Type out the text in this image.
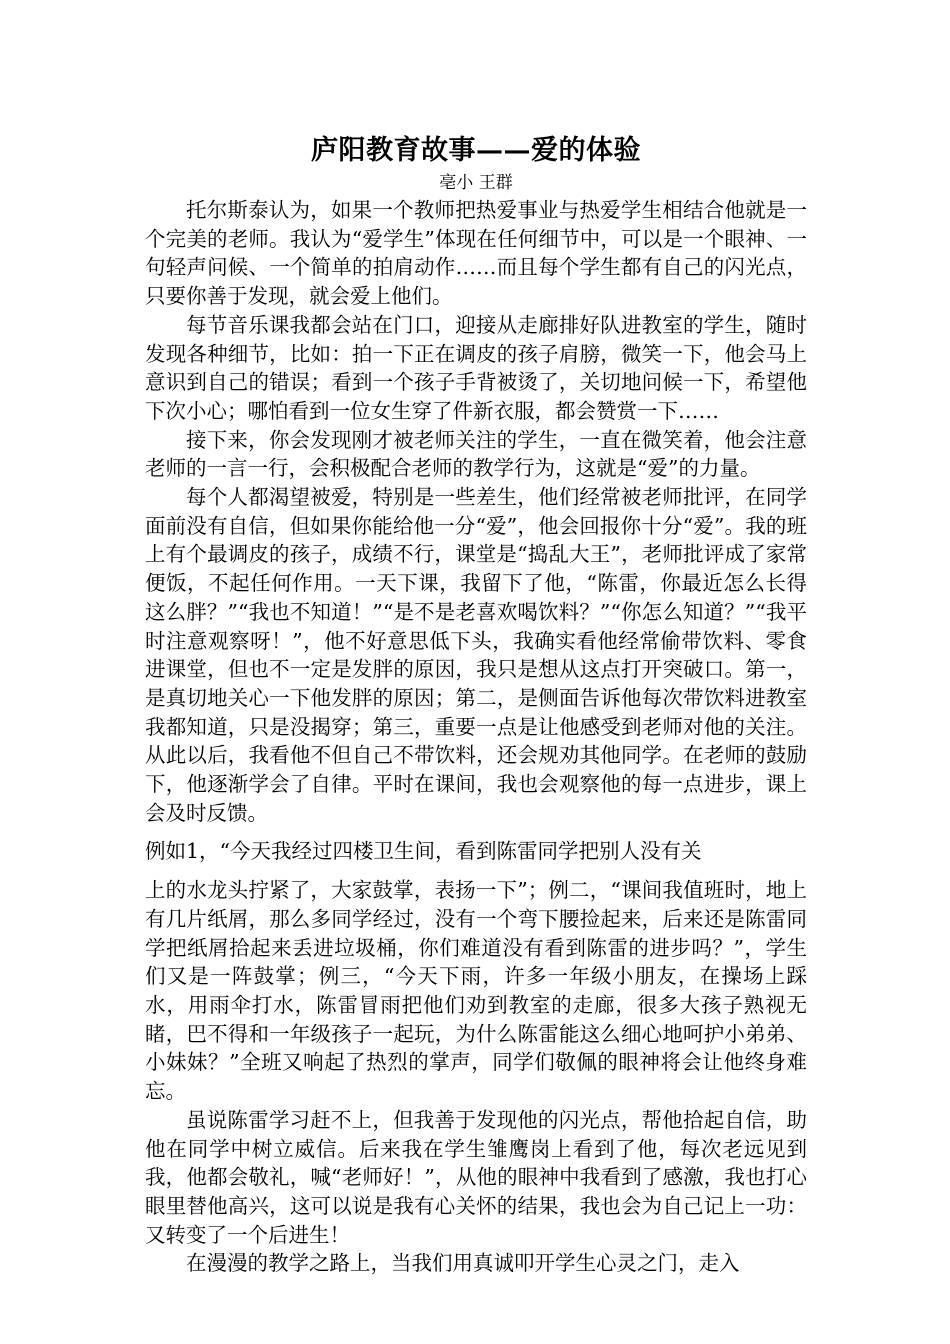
庐阳教育故事——爱的体验

亳小 王群

托尔斯泰认为，如果一个教师把热爱事业与热爱学生相结合他就是一个完美的老师。我认为“爱学生”体现在任何细节中，可以是一个眼神、一句轻声问候、一个简单的拍肩动作……而且每个学生都有自己的闪光点，只要你善于发现，就会爱上他们。

每节音乐课我都会站在门口，迎接从走廊排好队进教室的学生，随时发现各种细节，比如：拍一下正在调皮的孩子肩膀，微笑一下，他会马上意识到自己的错误；看到一个孩子手背被烫了，关切地问候一下，希望他下次小心；哪怕看到一位女生穿了件新衣服，都会赞赏一下……

接下来，你会发现刚才被老师关注的学生，一直在微笑着，他会注意老师的一言一行，会积极配合老师的教学行为，这就是“爱”的力量。

每个人都渴望被爱，特别是一些差生，他们经常被老师批评，在同学面前没有自信，但如果你能给他一分“爱”，他会回报你十分“爱”。我的班上有个最调皮的孩子，成绩不行，课堂是“捣乱大王”，老师批评成了家常便饭，不起任何作用。一天下课，我留下了他，“陈雷，你最近怎么长得这么胖？”“我也不知道！”“是不是老喜欢喝饮料？”“你怎么知道？”“我平时注意观察呀！”，他不好意思低下头，我确实看他经常偷带饮料、零食进课堂，但也不一定是发胖的原因，我只是想从这点打开突破口。第一，是真切地关心一下他发胖的原因；第二，是侧面告诉他每次带饮料进教室我都知道，只是没揭穿；第三，重要一点是让他感受到老师对他的关注。从此以后，我看他不但自己不带饮料，还会规劝其他同学。在老师的鼓励下，他逐渐学会了自律。平时在课间，我也会观察他的每一点进步，课上会及时反馈。

例如1，“今天我经过四楼卫生间，看到陈雷同学把别人没有关

上的水龙头拧紧了，大家鼓掌，表扬一下”；例二，“课间我值班时，地上有几片纸屑，那么多同学经过，没有一个弯下腰捡起来，后来还是陈雷同学把纸屑拾起来丢进垃圾桶，你们难道没有看到陈雷的进步吗？”，学生们又是一阵鼓掌；例三，“今天下雨，许多一年级小朋友，在操场上踩水，用雨伞打水，陈雷冒雨把他们劝到教室的走廊，很多大孩子熟视无睹，巴不得和一年级孩子一起玩，为什么陈雷能这么细心地呵护小弟弟、小妹妹？”全班又响起了热烈的掌声，同学们敬佩的眼神将会让他终身难忘。

虽说陈雷学习赶不上，但我善于发现他的闪光点，帮他拾起自信，助他在同学中树立威信。后来我在学生雏鹰岗上看到了他，每次老远见到我，他都会敬礼，喊“老师好！”，从他的眼神中我看到了感激，我也打心眼里替他高兴，这可以说是我有心关怀的结果，我也会为自己记上一功：又转变了一个后进生！

在漫漫的教学之路上，当我们用真诚叩开学生心灵之门，走入
